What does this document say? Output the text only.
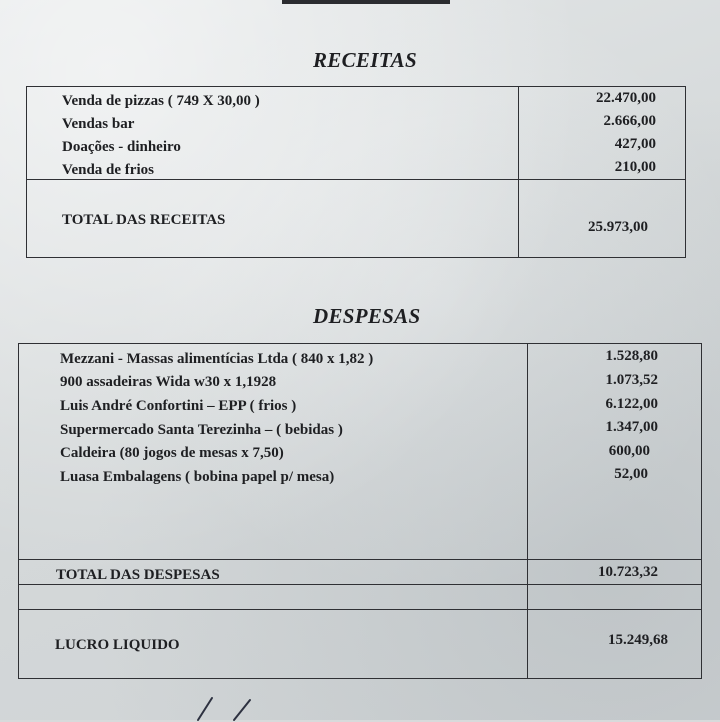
RECEITAS
Venda de pizzas ( 749 X 30,00 )	22.470,00
Vendas bar	2.666,00
Doações - dinheiro	427,00
Venda de frios	210,00
TOTAL DAS RECEITAS	25.973,00
DESPESAS
Mezzani - Massas alimentícias Ltda ( 840 x 1,82 )	1.528,80
900 assadeiras Wida w30 x 1,1928	1.073,52
Luis André Confortini – EPP ( frios )	6.122,00
Supermercado Santa Terezinha – ( bebidas )	1.347,00
Caldeira (80 jogos de mesas x 7,50)	600,00
Luasa Embalagens ( bobina papel p/ mesa)	52,00
TOTAL DAS DESPESAS	10.723,32
LUCRO LIQUIDO	15.249,68
